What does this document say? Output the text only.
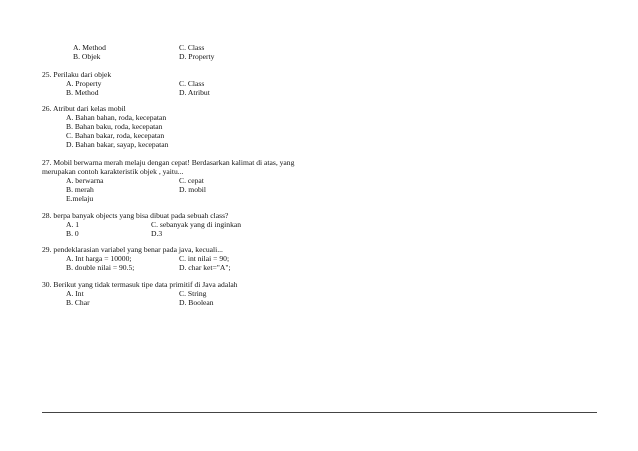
A. Method	C. Class
B. Objek	D. Property
25. Perilaku dari objek
A. Property	C. Class
B. Method	D. Atribut
26. Atribut dari kelas mobil
A. Bahan bahan, roda, kecepatan
B. Bahan baku, roda, kecepatan
C. Bahan bakar, roda, kecepatan
D. Bahan bakar, sayap, kecepatan
27. Mobil berwarna merah melaju dengan cepat! Berdasarkan kalimat di atas, yang
merupakan contoh karakteristik objek , yaitu...
A. berwarna	C. cepat
B. merah	D. mobil
E.melaju
28. berpa banyak objects yang bisa dibuat pada sebuah class?
A. 1	C. sebanyak yang di inginkan
B. 0	D.3
29. pendeklarasian variabel yang benar pada java, kecuali...
A. Int harga = 10000;	C. int nilai = 90;
B. double nilai = 90.5;	D. char ket="A";
30. Berikut yang tidak termasuk tipe data primitif di Java adalah
A. Int	C. String
B. Char	D. Boolean
